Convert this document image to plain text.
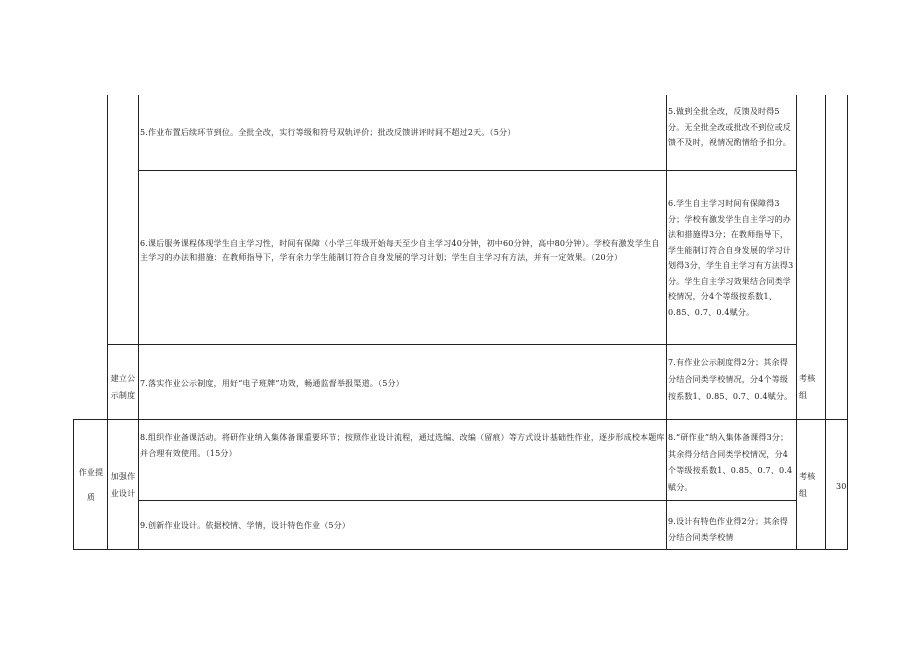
5.作业布置后续环节到位。全批全改，实行等级和符号双轨评价；批改反馈讲评时间不超过2天。（5分）
5.做到全批全改，反馈及时得5分。无全批全改或批改不到位或反馈不及时，视情况酌情给予扣分。
6.课后服务课程体现学生自主学习性，时间有保障（小学三年级开始每天至少自主学习40分钟，初中60分钟，高中80分钟）。学校有激发学生自主学习的办法和措施：在教师指导下，学有余力学生能制订符合自身发展的学习计划；学生自主学习有方法，并有一定效果。（20分）
6.学生自主学习时间有保障得3分；学校有激发学生自主学习的办法和措施得3分；在教师指导下，学生能制订符合自身发展的学习计划得3分，学生自主学习有方法得3分。学生自主学习效果结合同类学校情况，分4个等级按系数1、0.85、0.7、0.4赋分。
建立公示制度
7.落实作业公示制度，用好“电子班牌”功效，畅通监督举报渠道。（5分）
7.有作业公示制度得2分；其余得分结合同类学校情况，分4个等级按系数1、0.85、0.7、0.4赋分。
考核组
作业提质
加强作业设计
8.组织作业备课活动。将研作业纳入集体备课重要环节；按照作业设计流程，通过选编、改编（留痕）等方式设计基础性作业，逐步形成校本题库并合理有效使用。（15分）
8.“研作业”纳入集体备课得3分；其余得分结合同类学校情况，分4个等级按系数1、0.85、0.7、0.4赋分。
考核组
30
9.创新作业设计。依据校情、学情，设计特色作业（5分）	9.设计有特色作业得2分；其余得分结合同类学校情
